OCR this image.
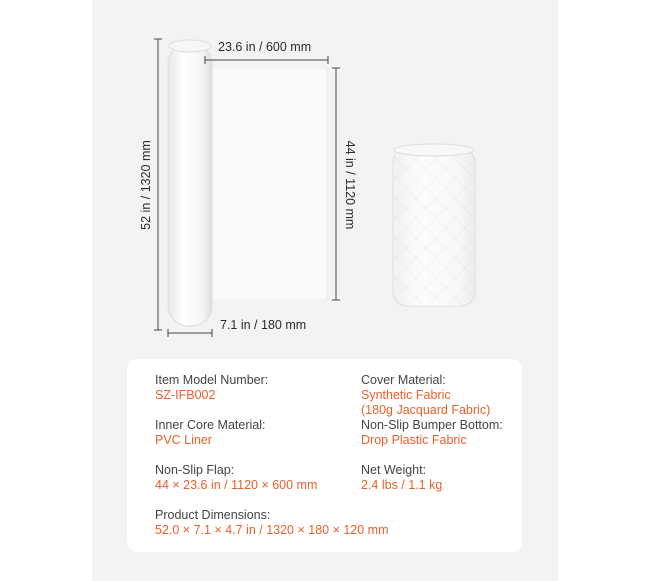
23.6 in / 600 mm
52 in / 1320 mm	44 in / 1120 mm
7.1 in / 180 mm
Item Model Number:
SZ-IFB002
Cover Material:
Synthetic Fabric
(180g Jacquard Fabric)
Inner Core Material:
PVC Liner
Non-Slip Bumper Bottom:
Drop Plastic Fabric
Non-Slip Flap:
44 × 23.6 in / 1120 × 600 mm
Net Weight:
2.4 lbs / 1.1 kg
Product Dimensions:
52.0 × 7.1 × 4.7 in / 1320 × 180 × 120 mm
